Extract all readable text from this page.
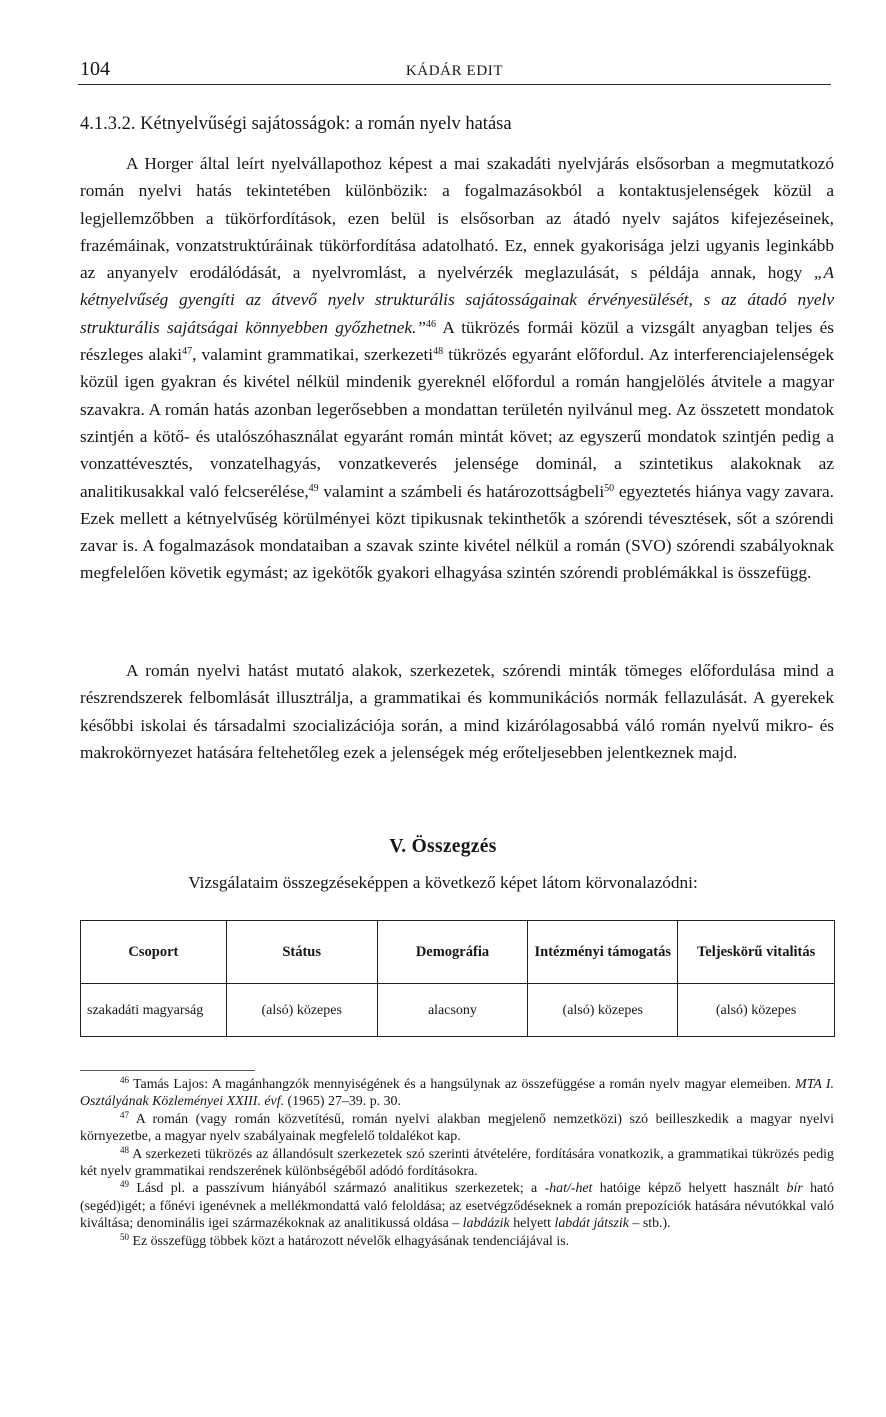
104	KÁDÁR EDIT
4.1.3.2. Kétnyelvűségi sajátosságok: a román nyelv hatása

A Horger által leírt nyelvállapothoz képest a mai szakadáti nyelvjárás elsősorban a megmutatkozó román nyelvi hatás tekintetében különbözik: a fogalmazásokból a kontaktusjelenségek közül a legjellemzőbben a tükörfordítások, ezen belül is elsősorban az átadó nyelv sajátos kifejezéseinek, frazémáinak, vonzatstruktúráinak tükörfordítása adatolható. Ez, ennek gyakorisága jelzi ugyanis leginkább az anyanyelv erodálódását, a nyelvromlást, a nyelvérzék meglazulását, s példája annak, hogy „A kétnyelvűség gyengíti az átvevő nyelv strukturális sajátosságainak érvényesülését, s az átadó nyelv strukturális sajátságai könnyebben győzhetnek.”$^{46}$ A tükrözés formái közül a vizsgált anyagban teljes és részleges alaki$^{47}$, valamint grammatikai, szerkezeti$^{48}$ tükrözés egyaránt előfordul. Az interferenciajelenségek közül igen gyakran és kivétel nélkül mindenik gyereknél előfordul a román hangjelölés átvitele a magyar szavakra. A román hatás azonban legerősebben a mondattan területén nyilvánul meg. Az összetett mondatok szintjén a kötő- és utalószóhasználat egyaránt román mintát követ; az egyszerű mondatok szintjén pedig a vonzattévesztés, vonzatelhagyás, vonzatkeverés jelensége dominál, a szintetikus alakoknak az analitikusakkal való felcserélése,$^{49}$ valamint a számbeli és határozottságbeli$^{50}$ egyeztetés hiánya vagy zavara. Ezek mellett a kétnyelvűség körülményei közt tipikusnak tekinthetők a szórendi tévesztések, sőt a szórendi zavar is. A fogalmazások mondataiban a szavak szinte kivétel nélkül a román (SVO) szórendi szabályoknak megfelelően követik egymást; az igekötők gyakori elhagyása szintén szórendi problémákkal is összefügg.

A román nyelvi hatást mutató alakok, szerkezetek, szórendi minták tömeges előfordulása mind a részrendszerek felbomlását illusztrálja, a grammatikai és kommunikációs normák fellazulását. A gyerekek későbbi iskolai és társadalmi szocializációja során, a mind kizárólagosabbá váló román nyelvű mikro- és makrokörnyezet hatására feltehetőleg ezek a jelenségek még erőteljesebben jelentkeznek majd.

V. Összegzés
Vizsgálataim összegzéseképpen a következő képet látom körvonalazódni:
Csoport	Státus	Demográfia	Intézményi támogatás	Teljeskörű vitalitás
szakadáti magyarság	(alsó) közepes	alacsony	(alsó) közepes	(alsó) közepes

$^{46}$ Tamás Lajos: A magánhangzók mennyiségének és a hangsúlynak az összefüggése a román nyelv magyar elemeiben. MTA I. Osztályának Közleményei XXIII. évf. (1965) 27–39. p. 30.

$^{47}$ A román (vagy román közvetítésű, román nyelvi alakban megjelenő nemzetközi) szó beilleszkedik a magyar nyelvi környezetbe, a magyar nyelv szabályainak megfelelő toldalékot kap.

$^{48}$ A szerkezeti tükrözés az állandósult szerkezetek szó szerinti átvételére, fordítására vonatkozik, a grammatikai tükrözés pedig két nyelv grammatikai rendszerének különbségéből adódó fordításokra.

$^{49}$ Lásd pl. a passzívum hiányából származó analitikus szerkezetek; a -hat/-het hatóige képző helyett használt bír ható (segéd)igét; a főnévi igenévnek a mellékmondattá való feloldása; az esetvégződéseknek a román prepozíciók hatására névutókkal való kiváltása; denominális igei származékoknak az analitikussá oldása – labdázik helyett labdát játszik – stb.).

$^{50}$ Ez összefügg többek közt a határozott névelők elhagyásának tendenciájával is.
